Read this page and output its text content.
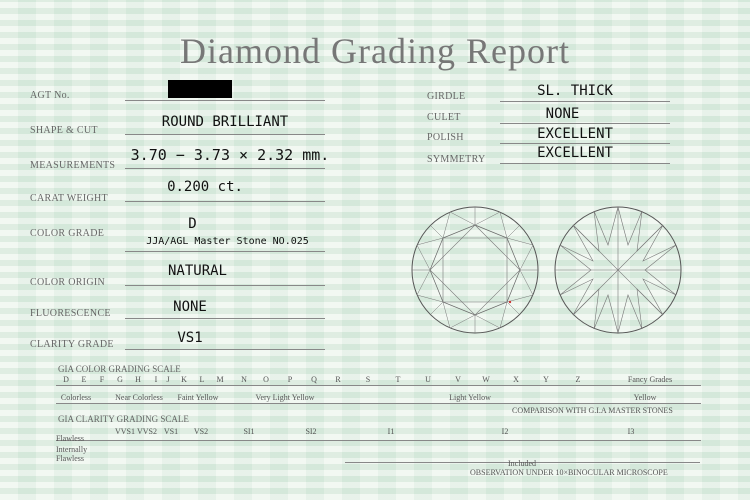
Diamond Grading Report
AGT No.
SHAPE & CUT
ROUND BRILLIANT
MEASUREMENTS
3.70 − 3.73 × 2.32 mm.
CARAT WEIGHT
0.200 ct.
COLOR GRADE
D
JJA/AGL Master Stone NO.025
COLOR ORIGIN
NATURAL
FLUORESCENCE	NONE
CLARITY GRADE	VS1
GIRDLE	SL. THICK
CULET	NONE
POLISH	EXCELLENT
SYMMETRY	EXCELLENT
GIA COLOR GRADING SCALE
D	E	F	G	H	I	J	K	L	M	N	O	P	Q	R	S	T	U	V	W	X	Y	Z	Fancy Grades
Colorless	Near Colorless	Faint Yellow	Very Light Yellow	Light Yellow	Yellow
COMPARISON WITH G.I.A MASTER STONES
GIA CLARITY GRADING SCALE
Flawless
Internally
Flawless
VVS1 VVS2 VS1	VS2	SI1	SI2	I1	I2	I3
Included
OBSERVATION UNDER 10×BINOCULAR MICROSCOPE
